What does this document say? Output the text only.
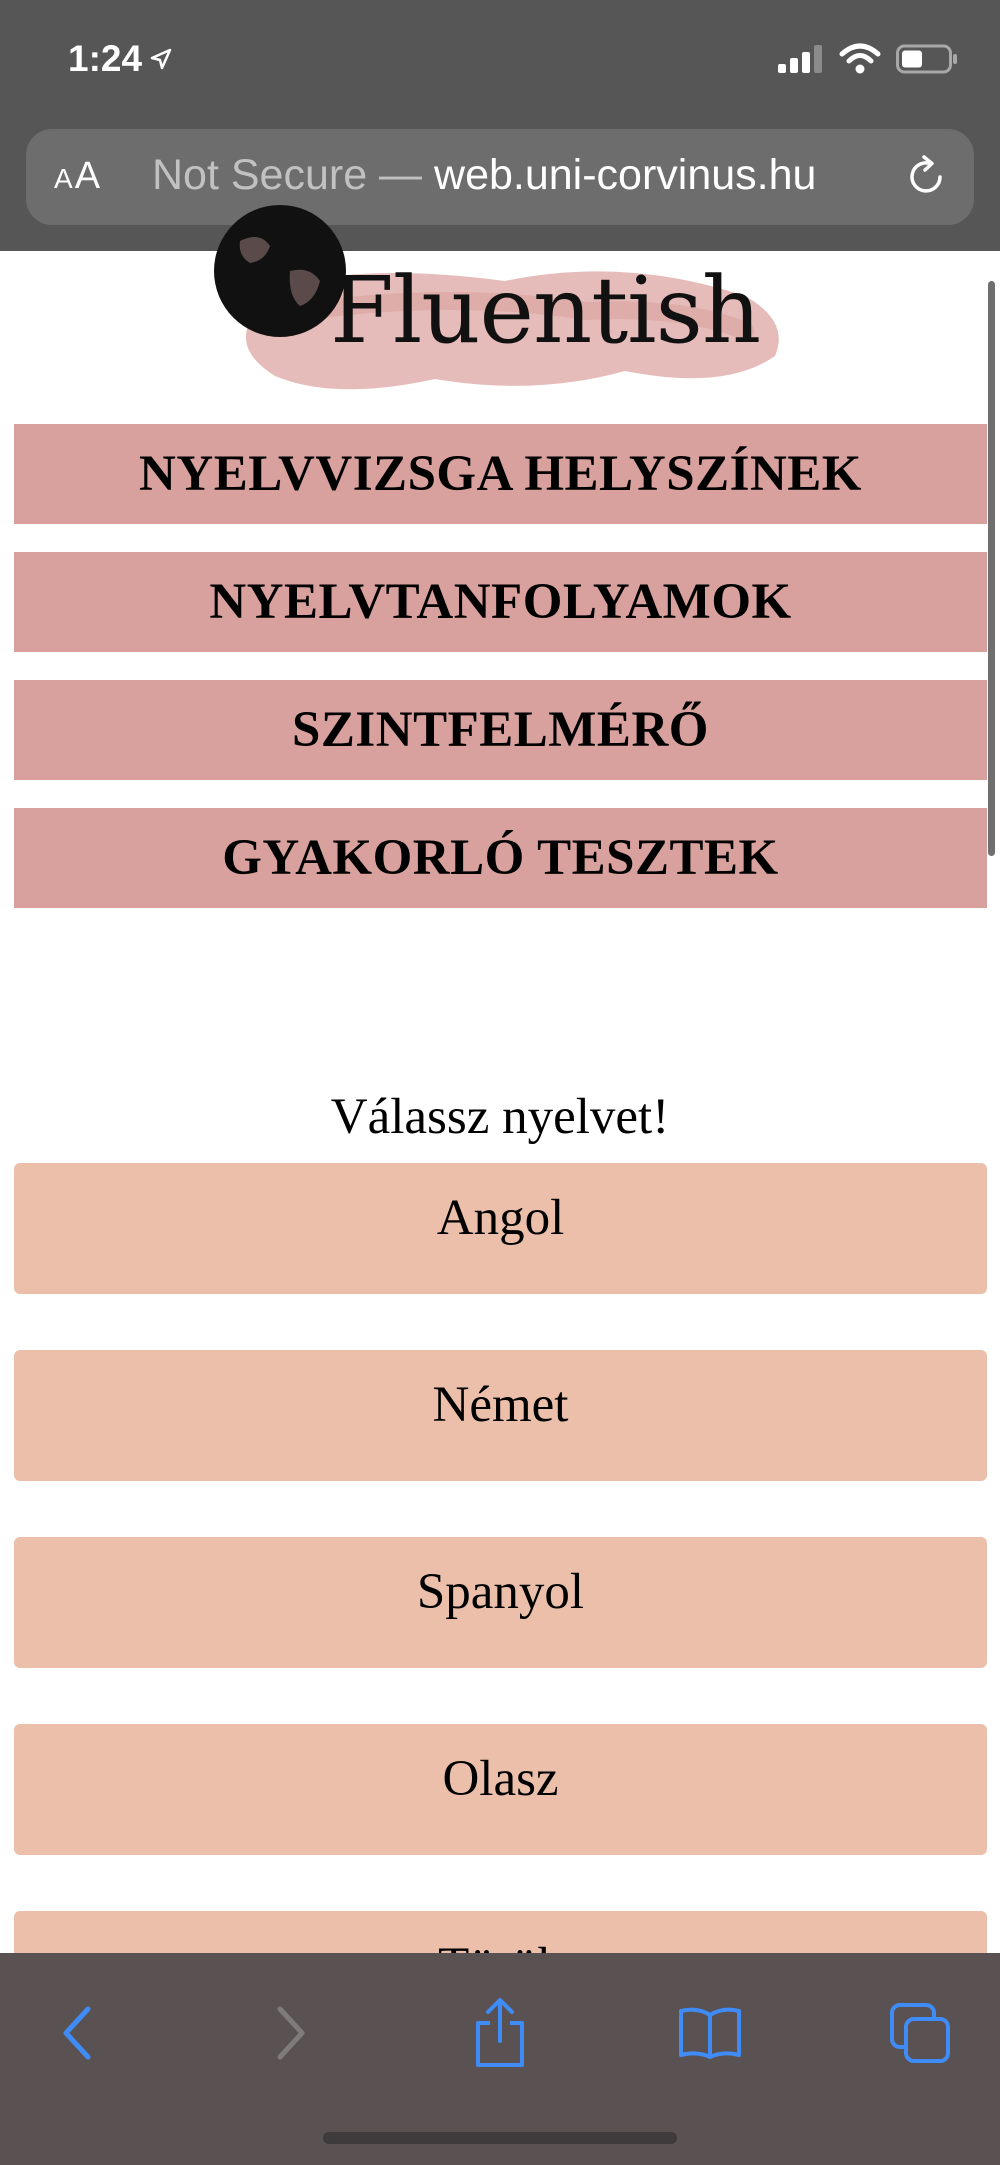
1:24
A A Not Secure — web.uni-corvinus.hu
Fluentish
NYELVVIZSGA HELYSZÍNEK
NYELVTANFOLYAMOK
SZINTFELMÉRŐ
GYAKORLÓ TESZTEK
Válassz nyelvet!
Angol
Német
Spanyol
Olasz
